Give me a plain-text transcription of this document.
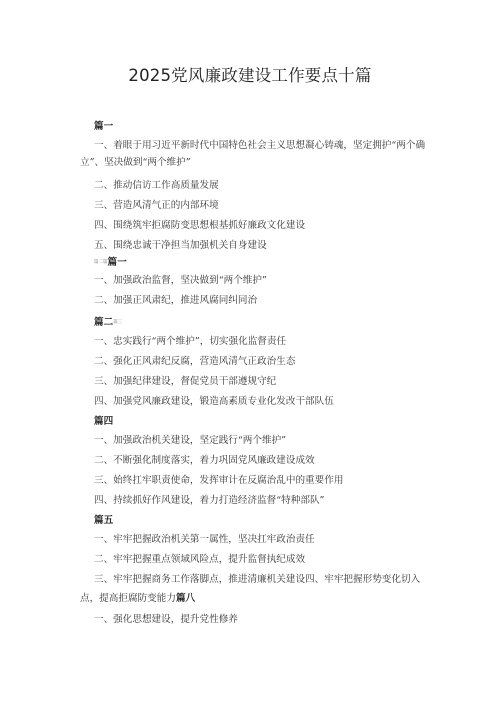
2025党风廉政建设工作要点十篇
篇一
一、着眼于用习近平新时代中国特色社会主义思想凝心铸魂，坚定拥护“两个确
立”、坚决做到“两个维护”
二、推动信访工作高质量发展
三、营造风清气正的内部环境
四、围绕筑牢拒腐防变思想根基抓好廉政文化建设
五、围绕忠诚干净担当加强机关自身建设
篇二篇篇一
一、加强政治监督，坚决做到“两个维护”
二、加强正风肃纪，推进风腐同纠同治
篇二篇三
一、忠实践行“两个维护”，切实强化监督责任
二、强化正风肃纪反腐，营造风清气正政治生态
三、加强纪律建设，督促党员干部遵规守纪
四、加强党风廉政建设，锻造高素质专业化发改干部队伍
篇四
一、加强政治机关建设，坚定践行“两个维护”
二、不断强化制度落实，着力巩固党风廉政建设成效
三、始终扛牢职责使命，发挥审计在反腐治乱中的重要作用
四、持续抓好作风建设，着力打造经济监督“特种部队”
篇五
一、牢牢把握政治机关第一属性，坚决扛牢政治责任
二、牢牢把握重点领域风险点，提升监督执纪成效
三、牢牢把握商务工作落脚点，推进清廉机关建设四、牢牢把握形势变化切入
点，提高拒腐防变能力篇八
一、强化思想建设，提升党性修养
